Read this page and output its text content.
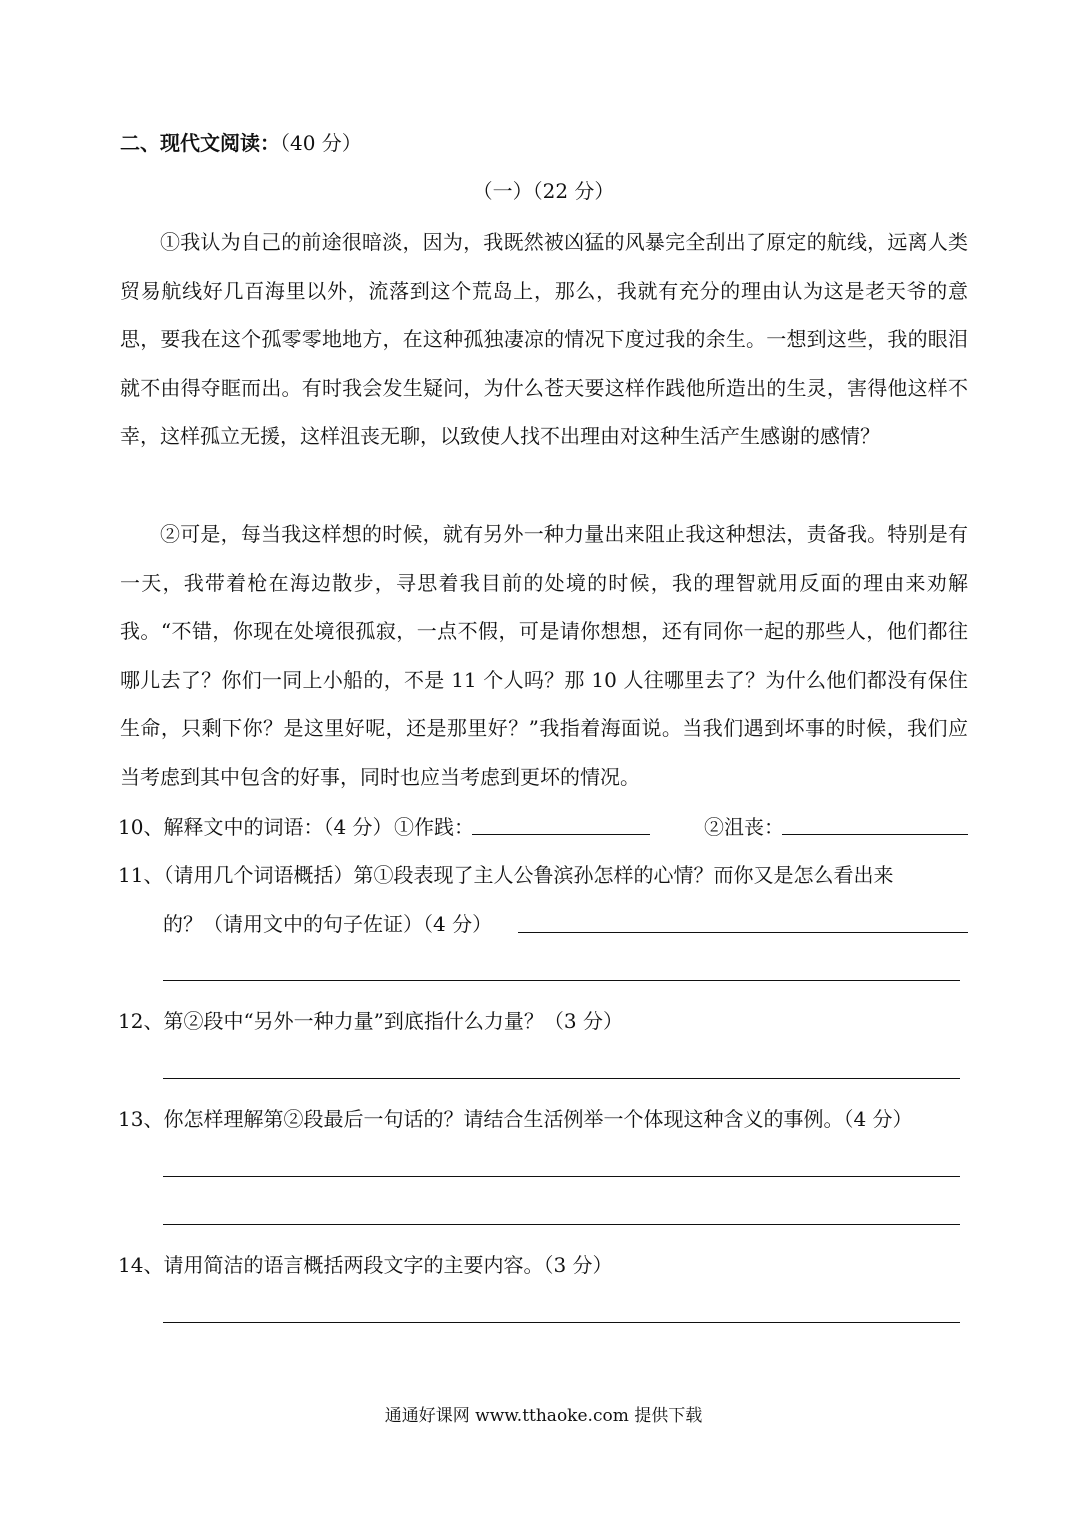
二、现代文阅读：（40 分）
（一）（22 分）

①我认为自己的前途很暗淡，因为，我既然被凶猛的风暴完全刮出了原定的航线，远离人类贸易航线好几百海里以外，流落到这个荒岛上，那么，我就有充分的理由认为这是老天爷的意思，要我在这个孤零零地地方，在这种孤独凄凉的情况下度过我的余生。一想到这些，我的眼泪就不由得夺眶而出。有时我会发生疑问，为什么苍天要这样作践他所造出的生灵，害得他这样不幸，这样孤立无援，这样沮丧无聊，以致使人找不出理由对这种生活产生感谢的感情？

②可是，每当我这样想的时候，就有另外一种力量出来阻止我这种想法，责备我。特别是有一天，我带着枪在海边散步，寻思着我目前的处境的时候，我的理智就用反面的理由来劝解我。“不错，你现在处境很孤寂，一点不假，可是请你想想，还有同你一起的那些人，他们都往哪儿去了？你们一同上小船的，不是 11 个人吗？那 10 人往哪里去了？为什么他们都没有保住生命，只剩下你？是这里好呢，还是那里好？”我指着海面说。当我们遇到坏事的时候，我们应当考虑到其中包含的好事，同时也应当考虑到更坏的情况。

10、解释文中的词语：（4 分） ①作践：	②沮丧：
11、（请用几个词语概括）第①段表现了主人公鲁滨孙怎样的心情？而你又是怎么看出来
的？（请用文中的句子佐证）（4 分）
12、第②段中“另外一种力量”到底指什么力量？（3 分）
13、你怎样理解第②段最后一句话的？请结合生活例举一个体现这种含义的事例。（4 分）
14、请用简洁的语言概括两段文字的主要内容。（3 分）
通通好课网 www.tthaoke.com 提供下载
